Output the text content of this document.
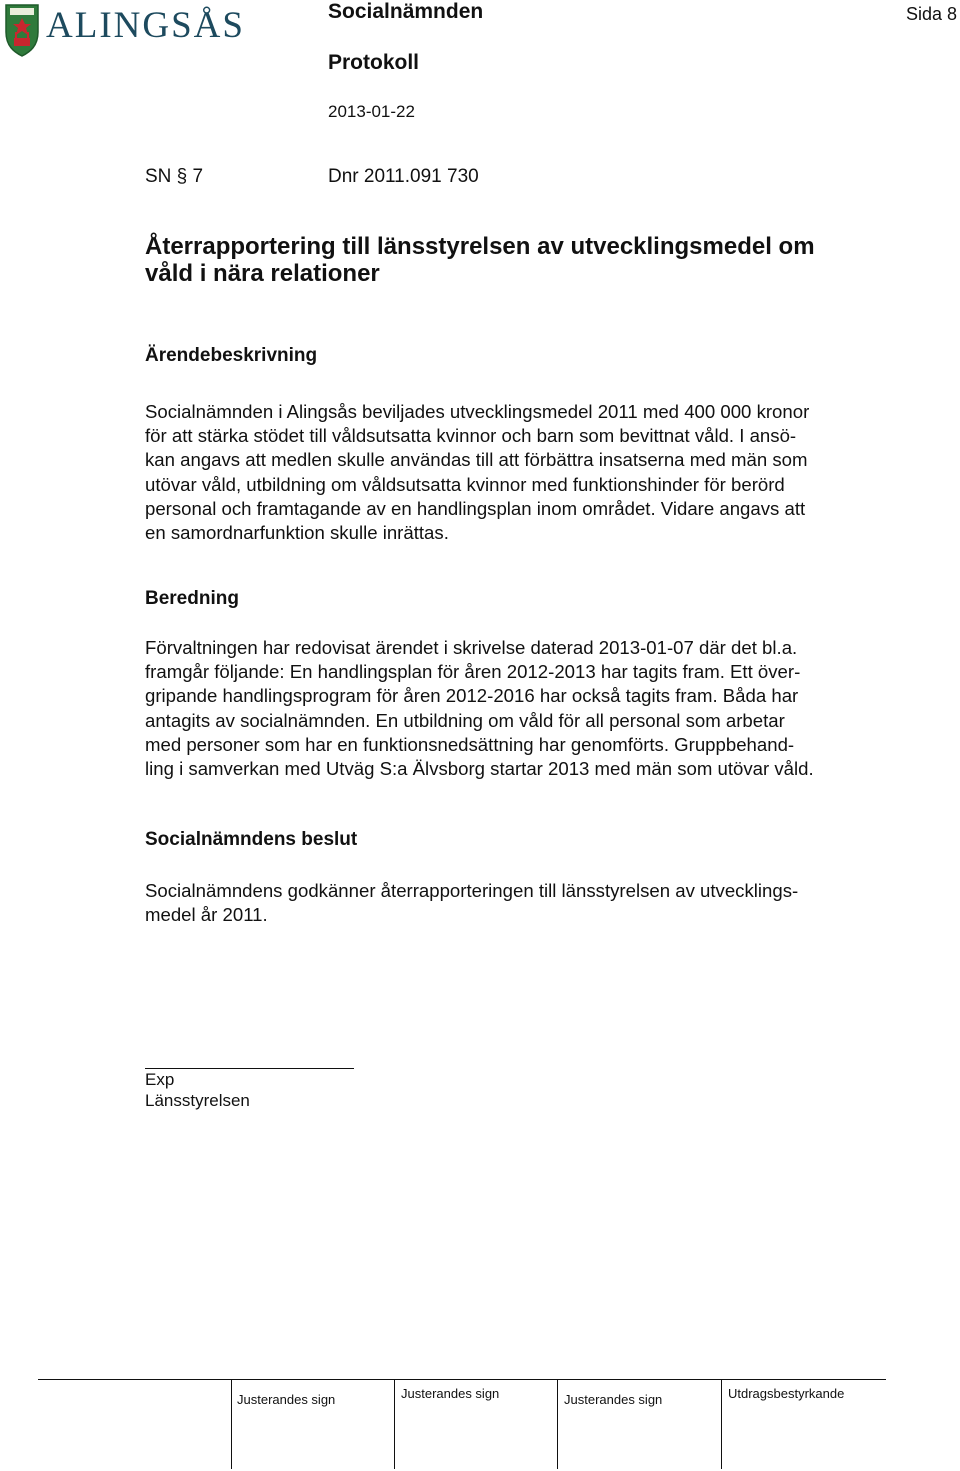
ALINGSÅS	Socialnämnden	Sida 8
Protokoll
2013-01-22
SN § 7	Dnr 2011.091 730
Återrapportering till länsstyrelsen av utvecklingsmedel om
våld i nära relationer
Ärendebeskrivning
Socialnämnden i Alingsås beviljades utvecklingsmedel 2011 med 400 000 kronor
för att stärka stödet till våldsutsatta kvinnor och barn som bevittnat våld. I ansö-
kan angavs att medlen skulle användas till att förbättra insatserna med män som
utövar våld, utbildning om våldsutsatta kvinnor med funktionshinder för berörd
personal och framtagande av en handlingsplan inom området. Vidare angavs att
en samordnarfunktion skulle inrättas.
Beredning
Förvaltningen har redovisat ärendet i skrivelse daterad 2013-01-07 där det bl.a.
framgår följande: En handlingsplan för åren 2012-2013 har tagits fram. Ett över-
gripande handlingsprogram för åren 2012-2016 har också tagits fram. Båda har
antagits av socialnämnden. En utbildning om våld för all personal som arbetar
med personer som har en funktionsnedsättning har genomförts. Gruppbehand-
ling i samverkan med Utväg S:a Älvsborg startar 2013 med män som utövar våld.
Socialnämndens beslut
Socialnämndens godkänner återrapporteringen till länsstyrelsen av utvecklings-
medel år 2011.
Exp
Länsstyrelsen
Justerandes sign	Justerandes sign	Justerandes sign	Utdragsbestyrkande
